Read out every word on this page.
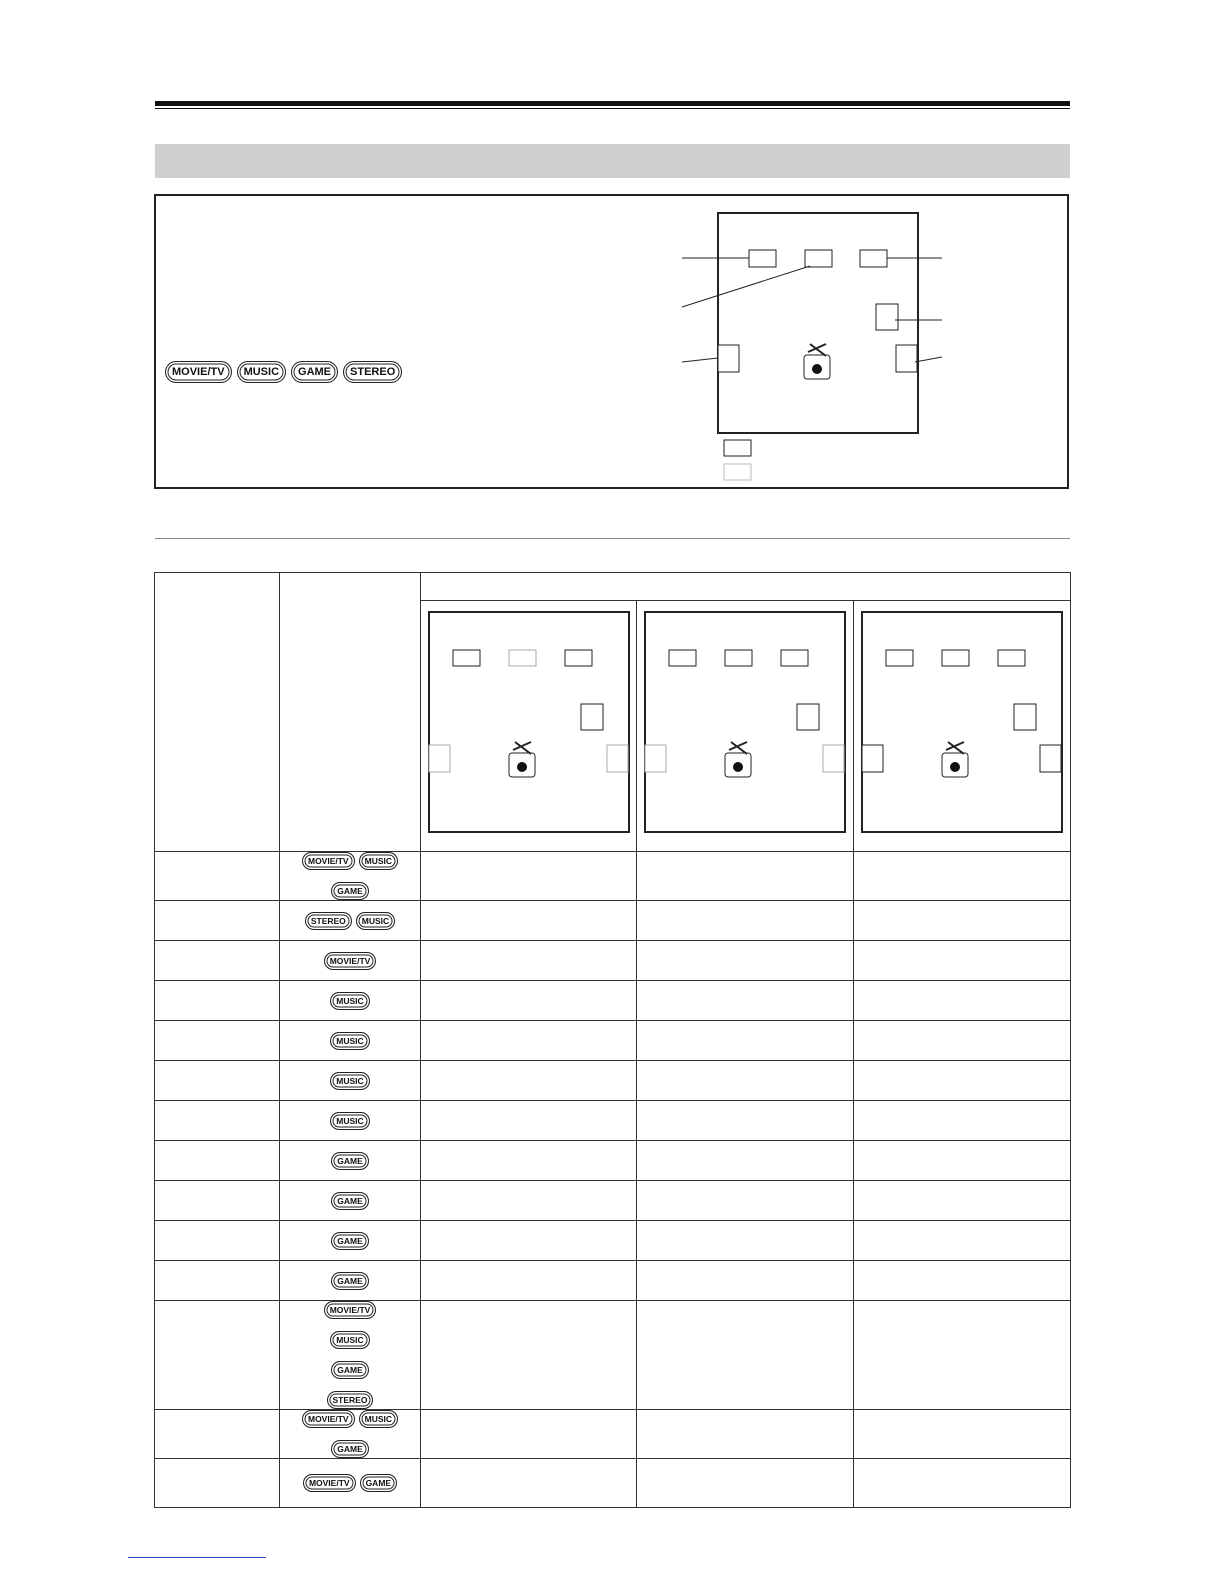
MOVIE/TV	MUSIC	GAME	STEREO

MOVIE/TV MUSIC
GAME			

STEREO MUSIC			

MOVIE/TV			

MUSIC			

MUSIC			

MUSIC			

MUSIC			

GAME			

GAME			

GAME			

GAME			

MOVIE/TV
MUSIC
GAME
STEREO			

MOVIE/TV MUSIC
GAME			

MOVIE/TV GAME			
